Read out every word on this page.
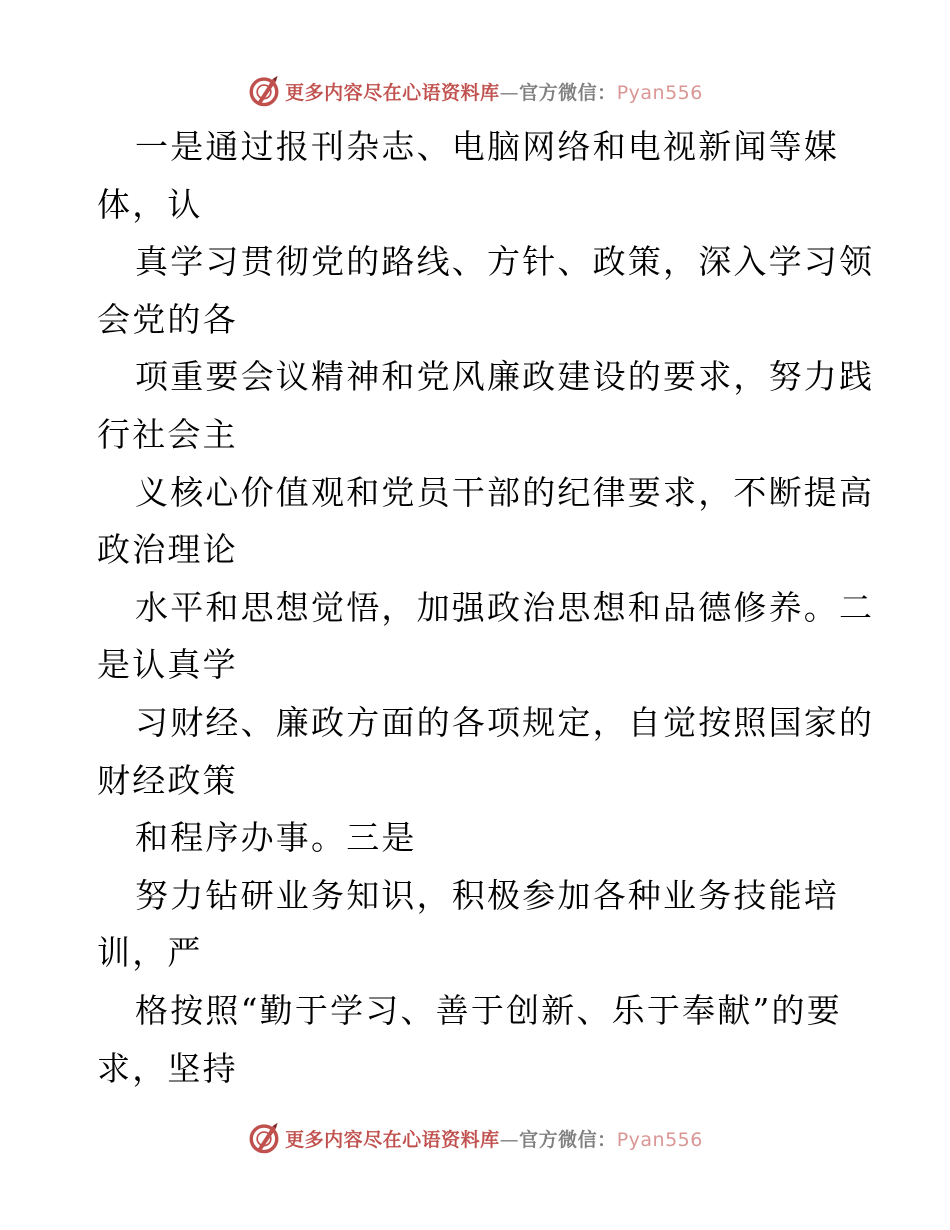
更多内容尽在心语资料库—官方微信：Pyan556
一是通过报刊杂志、电脑网络和电视新闻等媒
体，认
真学习贯彻党的路线、方针、政策，深入学习领
会党的各
项重要会议精神和党风廉政建设的要求，努力践
行社会主
义核心价值观和党员干部的纪律要求，不断提高
政治理论
水平和思想觉悟，加强政治思想和品德修养。二
是认真学
习财经、廉政方面的各项规定，自觉按照国家的
财经政策
和程序办事。三是
努力钻研业务知识，积极参加各种业务技能培
训，严
格按照“勤于学习、善于创新、乐于奉献”的要
求，坚持
更多内容尽在心语资料库—官方微信：Pyan556
